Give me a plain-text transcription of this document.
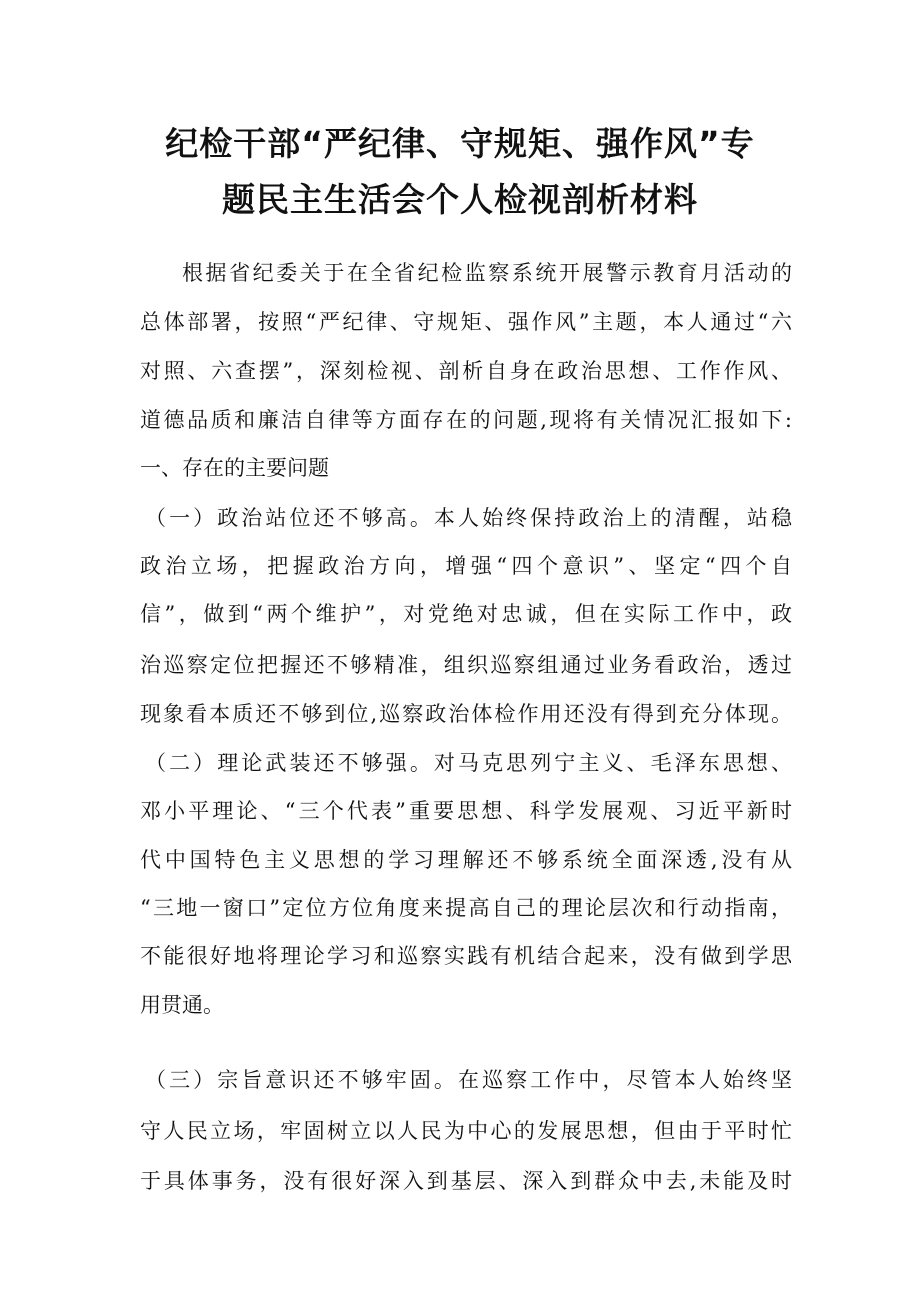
纪检干部“严纪律、守规矩、强作风”专
题民主生活会个人检视剖析材料
根据省纪委关于在全省纪检监察系统开展警示教育月活动的
总体部署，按照“严纪律、守规矩、强作风”主题，本人通过“六
对照、六查摆”，深刻检视、剖析自身在政治思想、工作作风、
道德品质和廉洁自律等方面存在的问题,现将有关情况汇报如下:
一、存在的主要问题
（一）政治站位还不够高。本人始终保持政治上的清醒，站稳
政治立场，把握政治方向，增强“四个意识”、坚定“四个自
信”，做到“两个维护”，对党绝对忠诚，但在实际工作中，政
治巡察定位把握还不够精准，组织巡察组通过业务看政治，透过
现象看本质还不够到位,巡察政治体检作用还没有得到充分体现。
（二）理论武装还不够强。对马克思列宁主义、毛泽东思想、
邓小平理论、“三个代表”重要思想、科学发展观、习近平新时
代中国特色主义思想的学习理解还不够系统全面深透,没有从
“三地一窗口”定位方位角度来提高自己的理论层次和行动指南，
不能很好地将理论学习和巡察实践有机结合起来，没有做到学思
用贯通。
（三）宗旨意识还不够牢固。在巡察工作中，尽管本人始终坚
守人民立场，牢固树立以人民为中心的发展思想，但由于平时忙
于具体事务，没有很好深入到基层、深入到群众中去,未能及时
